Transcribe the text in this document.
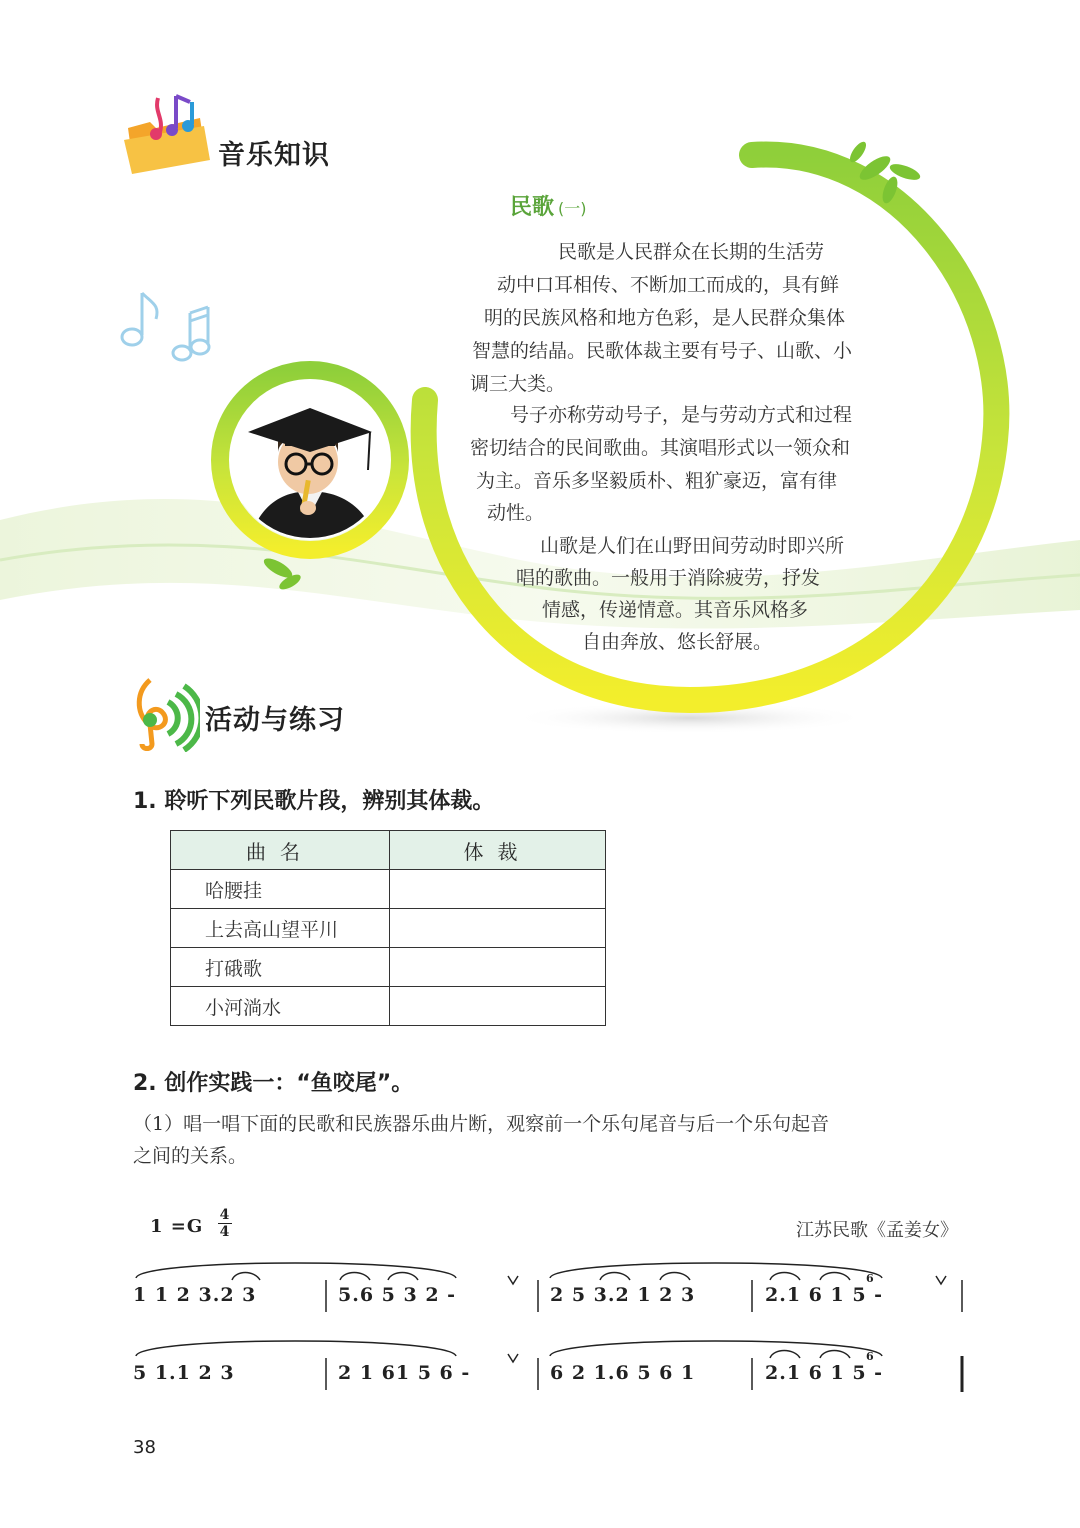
音乐知识
民歌 (一)
民歌是人民群众在长期的生活劳
动中口耳相传、不断加工而成的，具有鲜
明的民族风格和地方色彩，是人民群众集体
智慧的结晶。民歌体裁主要有号子、山歌、小
调三大类。
号子亦称劳动号子，是与劳动方式和过程
密切结合的民间歌曲。其演唱形式以一领众和
为主。音乐多坚毅质朴、粗犷豪迈，富有律
动性。
山歌是人们在山野田间劳动时即兴所
唱的歌曲。一般用于消除疲劳，抒发
情感，传递情意。其音乐风格多
自由奔放、悠长舒展。
活动与练习
1. 聆听下列民歌片段，辨别其体裁。
曲名	体裁
哈腰挂	
上去高山望平川	
打硪歌	
小河淌水	
2. 创作实践一：“鱼咬尾”。
（1）唱一唱下面的民歌和民族器乐曲片断，观察前一个乐句尾音与后一个乐句起音
之间的关系。
1 =G
4
4	江苏民歌《孟姜女》
1 1 2 3.2 3	5.6 5 3 2 -	2 5 3.2 1 2 3	2.1 6 1 5 -
5 1.1 2 3	2 1 61 5 6 -	6 2 1.6 5 6 1	2.1 6 1 5 -
6
6
38
